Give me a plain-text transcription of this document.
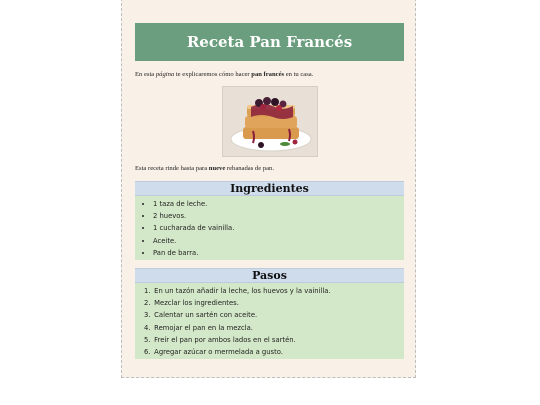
Receta Pan Francés

En esta página te explicaremos cómo hacer pan francés en tu casa.

Esta receta rinde hasta para nueve rebanadas de pan.

Ingredientes
• 1 taza de leche.
• 2 huevos.
• 1 cucharada de vainilla.
• Aceite.
• Pan de barra.
Pasos
1. En un tazón añadir la leche, los huevos y la vainilla.
2. Mezclar los ingredientes.
3. Calentar un sartén con aceite.
4. Remojar el pan en la mezcla.
5. Freír el pan por ambos lados en el sartén.
6. Agregar azúcar o mermelada a gusto.
